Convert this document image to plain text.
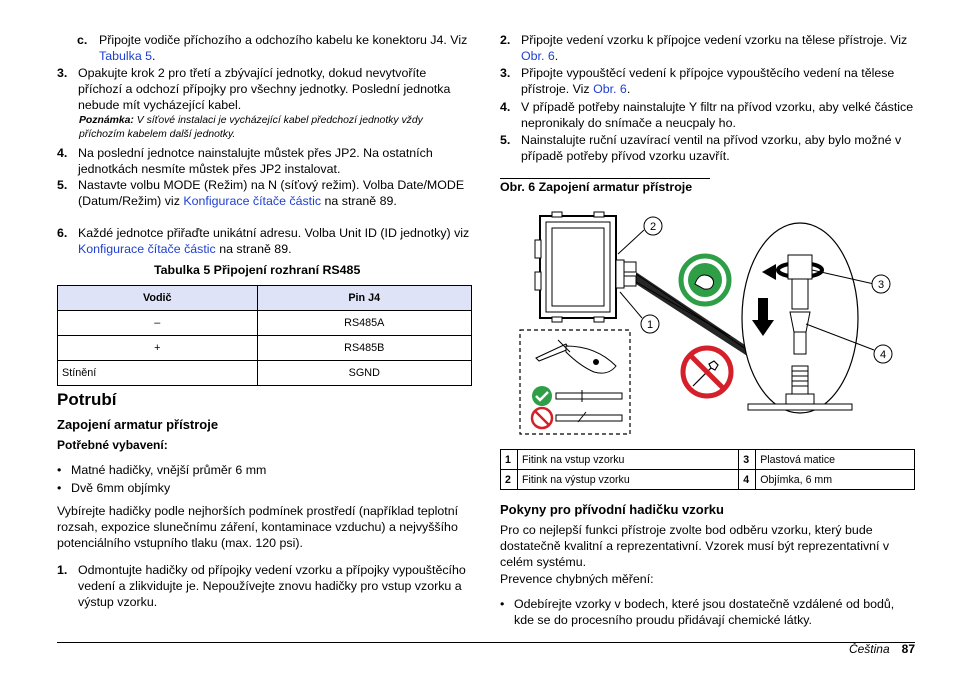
c. Připojte vodiče příchozího a odchozího kabelu ke konektoru J4. Viz Tabulka 5.
3. Opakujte krok 2 pro třetí a zbývající jednotky, dokud nevytvoříte příchozí a odchozí přípojky pro všechny jednotky. Poslední jednotka nebude mít vycházející kabel.
4. Na poslední jednotce nainstalujte můstek přes JP2. Na ostatních jednotkách nesmíte můstek přes JP2 instalovat.
5. Nastavte volbu MODE (Režim) na N (síťový režim). Volba Date/MODE (Datum/Režim) viz Konfigurace čítače částic na straně 89.
6. Každé jednotce přiřaďte unikátní adresu. Volba Unit ID (ID jednotky) viz Konfigurace čítače částic na straně 89.
Poznámka: V síťové instalaci je vycházející kabel předchozí jednotky vždy příchozím kabelem další jednotky.
Tabulka 5 Připojení rozhraní RS485
Vodič	Pin J4
–	RS485A
+	RS485B
Stínění	SGND
Potrubí
Zapojení armatur přístroje
Potřebné vybavení:
• Matné hadičky, vnější průměr 6 mm
• Dvě 6mm objímky
Vybírejte hadičky podle nejhorších podmínek prostředí (například teplotní rozsah, expozice slunečnímu záření, kontaminace vzduchu) a nejvyššího potenciálního vstupního tlaku (max. 120 psi).
1. Odmontujte hadičky od přípojky vedení vzorku a přípojky vypouštěcího vedení a zlikvidujte je. Nepoužívejte znovu hadičky pro vstup vzorku a výstup vzorku.
2. Připojte vedení vzorku k přípojce vedení vzorku na tělese přístroje. Viz Obr. 6.
3. Připojte vypouštěcí vedení k přípojce vypouštěcího vedení na tělese přístroje. Viz Obr. 6.
4. V případě potřeby nainstalujte Y filtr na přívod vzorku, aby velké částice nepronikaly do snímače a neucpaly ho.
5. Nainstalujte ruční uzavírací ventil na přívod vzorku, aby bylo možné v případě potřeby přívod vzorku uzavřít.
Obr. 6 Zapojení armatur přístroje
2
1
3
4
1	Fitink na vstup vzorku	3	Plastová matice
2	Fitink na výstup vzorku	4	Objímka, 6 mm
Pokyny pro přívodní hadičku vzorku
Pro co nejlepší funkci přístroje zvolte bod odběru vzorku, který bude dostatečně kvalitní a reprezentativní. Vzorek musí být reprezentativní v celém systému.
Prevence chybných měření:
• Odebírejte vzorky v bodech, které jsou dostatečně vzdálené od bodů, kde se do procesního proudu přidávají chemické látky.
Čeština 87
